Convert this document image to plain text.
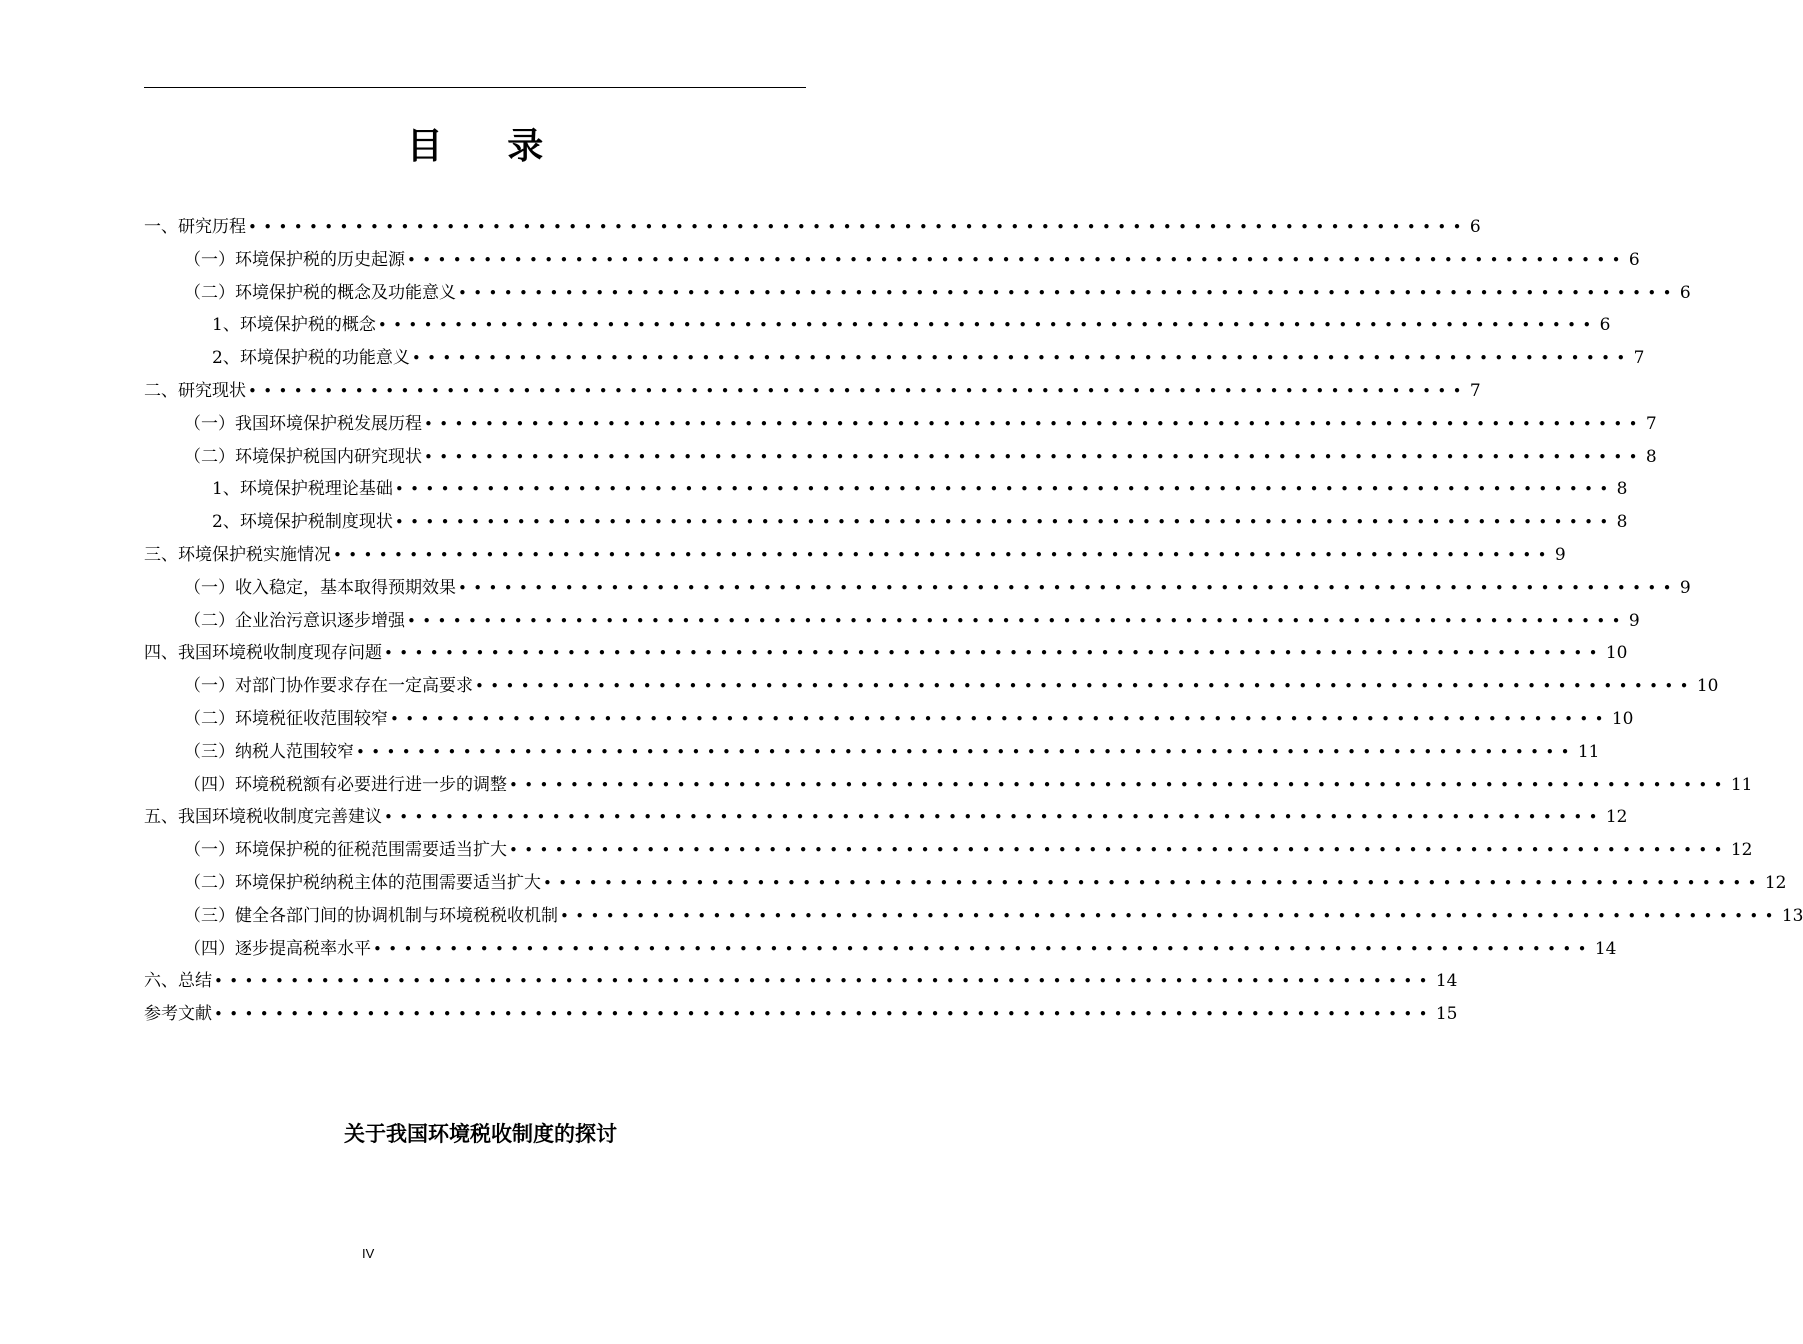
目 录
一、研究历程 •••••••••••••••••••••••••••••••••••••••••••••••••••••••••••••••••••••••••••••••• 6
（一）环境保护税的历史起源 •••••••••••••••••••••••••••••••••••••••••••••••••••••••••••••••••••••••••••••••• 6
（二）环境保护税的概念及功能意义 •••••••••••••••••••••••••••••••••••••••••••••••••••••••••••••••••••••••••••••••• 6
1、环境保护税的概念 •••••••••••••••••••••••••••••••••••••••••••••••••••••••••••••••••••••••••••••••• 6
2、环境保护税的功能意义 •••••••••••••••••••••••••••••••••••••••••••••••••••••••••••••••••••••••••••••••• 7
二、研究现状 •••••••••••••••••••••••••••••••••••••••••••••••••••••••••••••••••••••••••••••••• 7
（一）我国环境保护税发展历程 •••••••••••••••••••••••••••••••••••••••••••••••••••••••••••••••••••••••••••••••• 7
（二）环境保护税国内研究现状 •••••••••••••••••••••••••••••••••••••••••••••••••••••••••••••••••••••••••••••••• 8
1、环境保护税理论基础 •••••••••••••••••••••••••••••••••••••••••••••••••••••••••••••••••••••••••••••••• 8
2、环境保护税制度现状 •••••••••••••••••••••••••••••••••••••••••••••••••••••••••••••••••••••••••••••••• 8
三、环境保护税实施情况 •••••••••••••••••••••••••••••••••••••••••••••••••••••••••••••••••••••••••••••••• 9
（一）收入稳定，基本取得预期效果 •••••••••••••••••••••••••••••••••••••••••••••••••••••••••••••••••••••••••••••••• 9
（二）企业治污意识逐步增强 •••••••••••••••••••••••••••••••••••••••••••••••••••••••••••••••••••••••••••••••• 9
四、我国环境税收制度现存问题 •••••••••••••••••••••••••••••••••••••••••••••••••••••••••••••••••••••••••••••••• 10
（一）对部门协作要求存在一定高要求 •••••••••••••••••••••••••••••••••••••••••••••••••••••••••••••••••••••••••••••••• 10
（二）环境税征收范围较窄 •••••••••••••••••••••••••••••••••••••••••••••••••••••••••••••••••••••••••••••••• 10
（三）纳税人范围较窄 •••••••••••••••••••••••••••••••••••••••••••••••••••••••••••••••••••••••••••••••• 11
（四）环境税税额有必要进行进一步的调整 •••••••••••••••••••••••••••••••••••••••••••••••••••••••••••••••••••••••••••••••• 11
五、我国环境税收制度完善建议 •••••••••••••••••••••••••••••••••••••••••••••••••••••••••••••••••••••••••••••••• 12
（一）环境保护税的征税范围需要适当扩大 •••••••••••••••••••••••••••••••••••••••••••••••••••••••••••••••••••••••••••••••• 12
（二）环境保护税纳税主体的范围需要适当扩大 •••••••••••••••••••••••••••••••••••••••••••••••••••••••••••••••••••••••••••••••• 12
（三）健全各部门间的协调机制与环境税税收机制 •••••••••••••••••••••••••••••••••••••••••••••••••••••••••••••••••••••••••••••••• 13
（四）逐步提高税率水平 •••••••••••••••••••••••••••••••••••••••••••••••••••••••••••••••••••••••••••••••• 14
六、总结 •••••••••••••••••••••••••••••••••••••••••••••••••••••••••••••••••••••••••••••••• 14
参考文献 •••••••••••••••••••••••••••••••••••••••••••••••••••••••••••••••••••••••••••••••• 15
关于我国环境税收制度的探讨
IV
